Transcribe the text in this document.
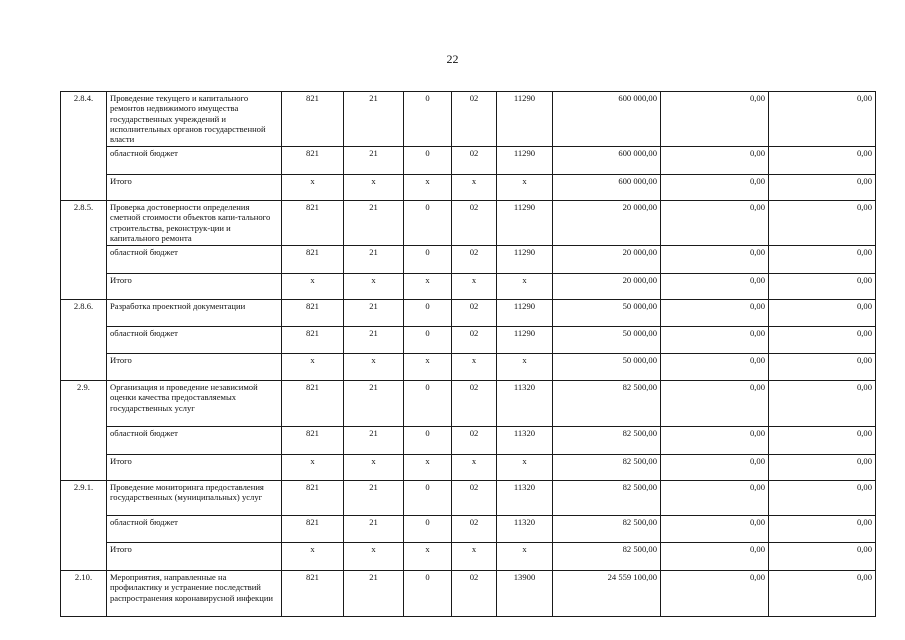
22
2.8.4.	Проведение текущего и капитального ремонтов недвижимого имущества государственных учреждений и исполнительных органов государственной власти	821	21	0	02	11290	600 000,00	0,00	0,00
	областной бюджет	821	21	0	02	11290	600 000,00	0,00	0,00
	Итого	х	х	х	х	х	600 000,00	0,00	0,00
2.8.5.	Проверка достоверности определения сметной стоимости объектов капи-тального строительства, реконструк-ции и капитального ремонта	821	21	0	02	11290	20 000,00	0,00	0,00
	областной бюджет	821	21	0	02	11290	20 000,00	0,00	0,00
	Итого	х	х	х	х	х	20 000,00	0,00	0,00
2.8.6.	Разработка проектной документации	821	21	0	02	11290	50 000,00	0,00	0,00
	областной бюджет	821	21	0	02	11290	50 000,00	0,00	0,00
	Итого	х	х	х	х	х	50 000,00	0,00	0,00
2.9.	Организация и проведение независимой оценки качества предоставляемых государственных услуг	821	21	0	02	11320	82 500,00	0,00	0,00
	областной бюджет	821	21	0	02	11320	82 500,00	0,00	0,00
	Итого	х	х	х	х	х	82 500,00	0,00	0,00
2.9.1.	Проведение мониторинга предоставления государственных (муниципальных) услуг	821	21	0	02	11320	82 500,00	0,00	0,00
	областной бюджет	821	21	0	02	11320	82 500,00	0,00	0,00
	Итого	х	х	х	х	х	82 500,00	0,00	0,00
2.10.	Мероприятия, направленные на профилактику и устранение последствий распространения коронавирусной инфекции	821	21	0	02	13900	24 559 100,00	0,00	0,00
